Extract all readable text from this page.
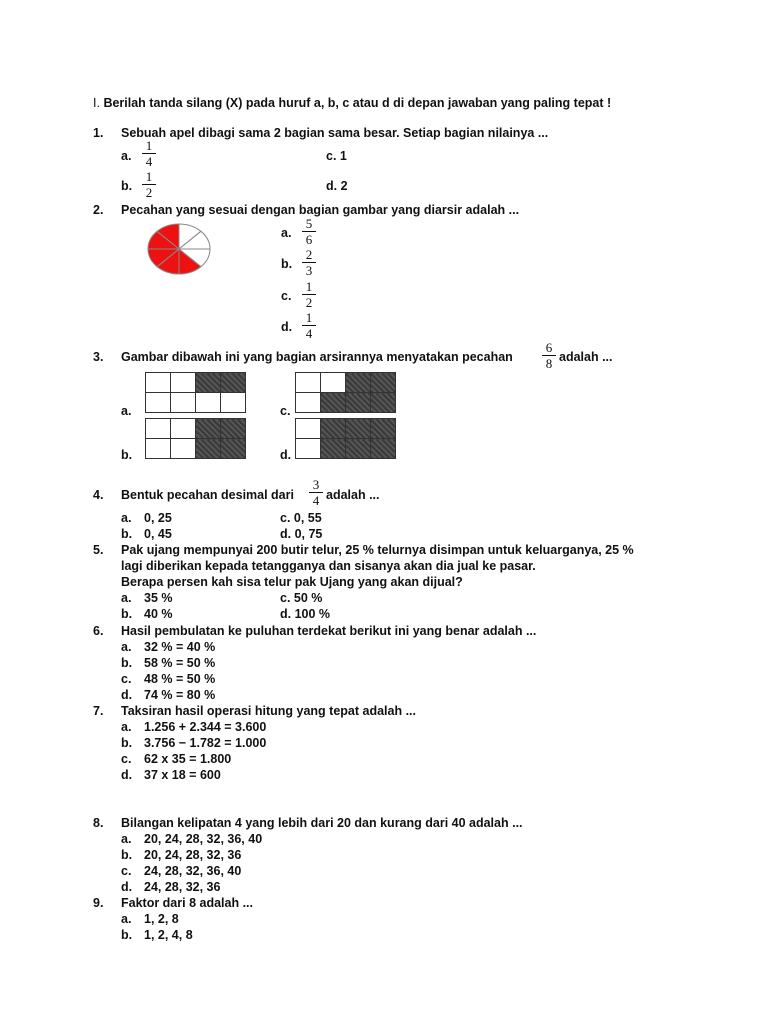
I. Berilah tanda silang (X) pada huruf a, b, c atau d di depan jawaban yang paling tepat !
1. Sebuah apel dibagi sama 2 bagian sama besar. Setiap bagian nilainya ...
a.
1
4	c. 1
b.
1
2	d. 2
2. Pecahan yang sesuai dengan bagian gambar yang diarsir adalah ...
a.
5
6
b.
2
3
c.
1
2
d.
1
4
3. Gambar dibawah ini yang bagian arsirannya menyatakan pecahan
6
8 adalah ...
a.

				c.

b.

				d.

4. Bentuk pecahan desimal dari
3
4 adalah ...
a. 0, 25	c. 0, 55
b. 0, 45	d. 0, 75
5. Pak ujang mempunyai 200 butir telur, 25 % telurnya disimpan untuk keluarganya, 25 %
lagi diberikan kepada tetangganya dan sisanya akan dia jual ke pasar.
Berapa persen kah sisa telur pak Ujang yang akan dijual?
a. 35 %	c. 50 %
b. 40 %	d. 100 %
6. Hasil pembulatan ke puluhan terdekat berikut ini yang benar adalah ...
a. 32 % = 40 %
b. 58 % = 50 %
c. 48 % = 50 %
d. 74 % = 80 %
7. Taksiran hasil operasi hitung yang tepat adalah ...
a. 1.256 + 2.344 = 3.600
b. 3.756 − 1.782 = 1.000
c. 62 x 35 = 1.800
d. 37 x 18 = 600
8. Bilangan kelipatan 4 yang lebih dari 20 dan kurang dari 40 adalah ...
a. 20, 24, 28, 32, 36, 40
b. 20, 24, 28, 32, 36
c. 24, 28, 32, 36, 40
d. 24, 28, 32, 36
9. Faktor dari 8 adalah ...
a. 1, 2, 8
b. 1, 2, 4, 8
